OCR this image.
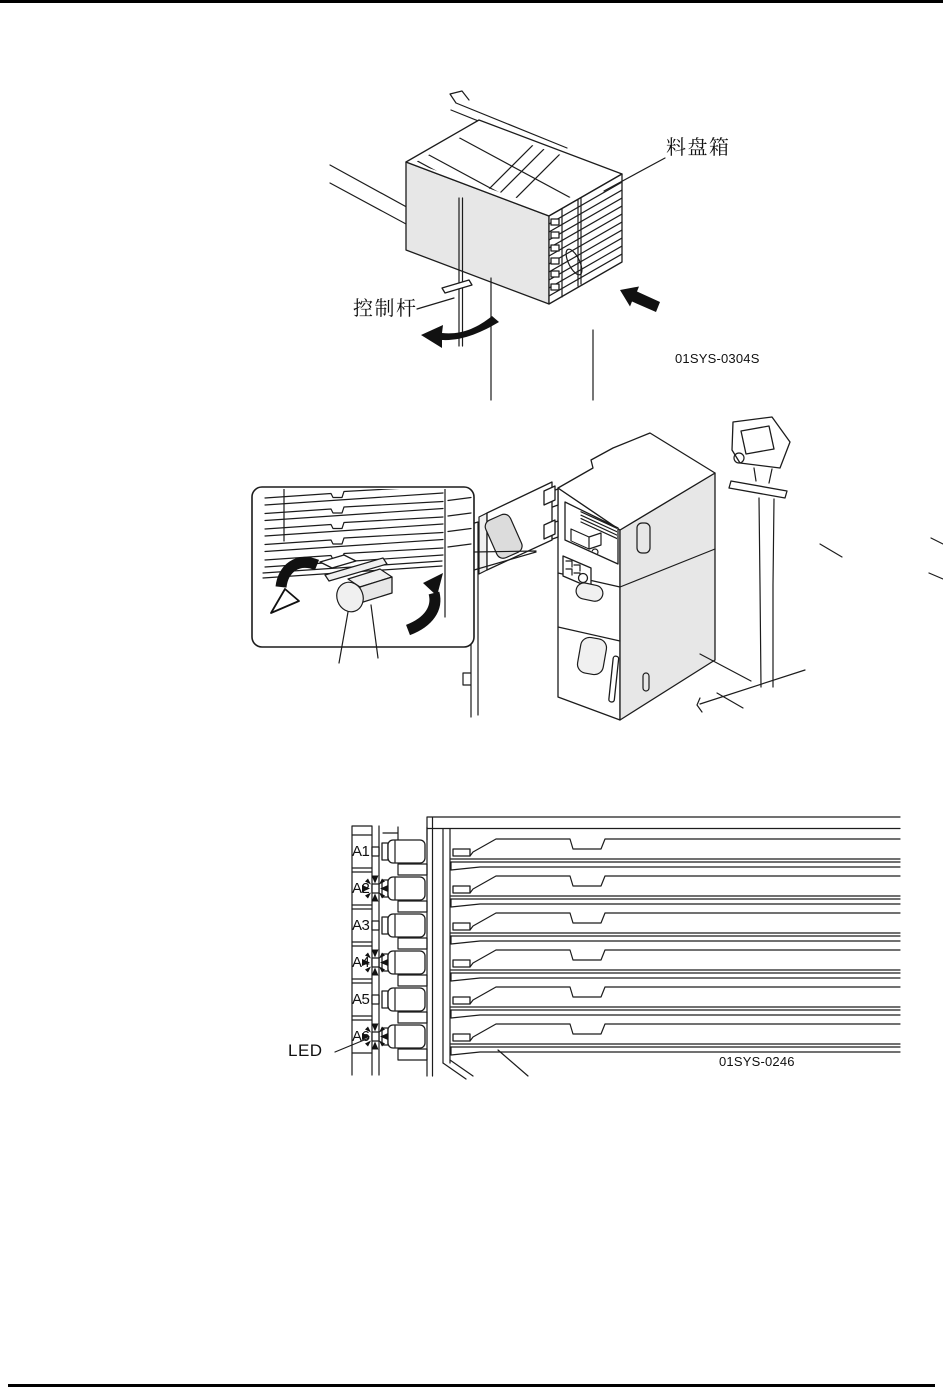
料盘箱
控制杆
01SYS-0304S
A1
A2
A3
A4
A5
A6
LED
01SYS-0246
